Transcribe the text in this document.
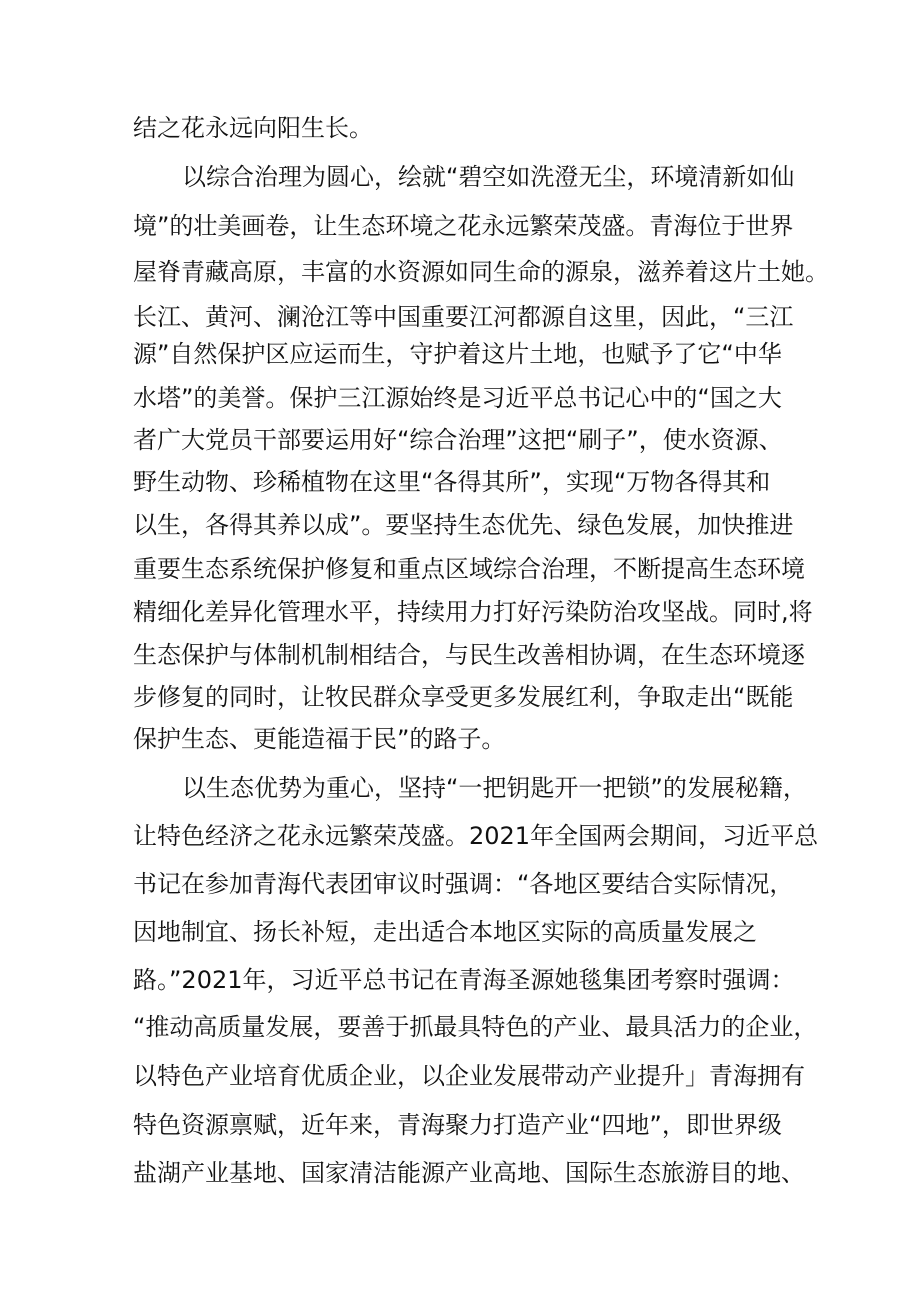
结之花永远向阳生长。
以综合治理为圆心，绘就“碧空如洗澄无尘，环境清新如仙
境”的壮美画卷，让生态环境之花永远繁荣茂盛。青海位于世界
屋脊青藏高原，丰富的水资源如同生命的源泉，滋养着这片土她。
长江、黄河、澜沧江等中国重要江河都源自这里，因此，“三江
源”自然保护区应运而生，守护着这片土地，也赋予了它“中华
水塔”的美誉。保护三江源始终是习近平总书记心中的“国之大
者广大党员干部要运用好“综合治理”这把“刷子”，使水资源、
野生动物、珍稀植物在这里“各得其所”，实现“万物各得其和
以生，各得其养以成”。要坚持生态优先、绿色发展，加快推进
重要生态系统保护修复和重点区域综合治理，不断提高生态环境
精细化差异化管理水平，持续用力打好污染防治攻坚战。同时,将
生态保护与体制机制相结合，与民生改善相协调，在生态环境逐
步修复的同时，让牧民群众享受更多发展红利，争取走出“既能
保护生态、更能造福于民”的路子。
以生态优势为重心，坚持“一把钥匙开一把锁”的发展秘籍，
让特色经济之花永远繁荣茂盛。2021年全国两会期间，习近平总
书记在参加青海代表团审议时强调：“各地区要结合实际情况，
因地制宜、扬长补短，走出适合本地区实际的高质量发展之
路。”2021年，习近平总书记在青海圣源她毯集团考察时强调：
“推动高质量发展，要善于抓最具特色的产业、最具活力的企业，
以特色产业培育优质企业，以企业发展带动产业提升」青海拥有
特色资源禀赋，近年来，青海聚力打造产业“四地”，即世界级
盐湖产业基地、国家清洁能源产业高地、国际生态旅游目的地、
